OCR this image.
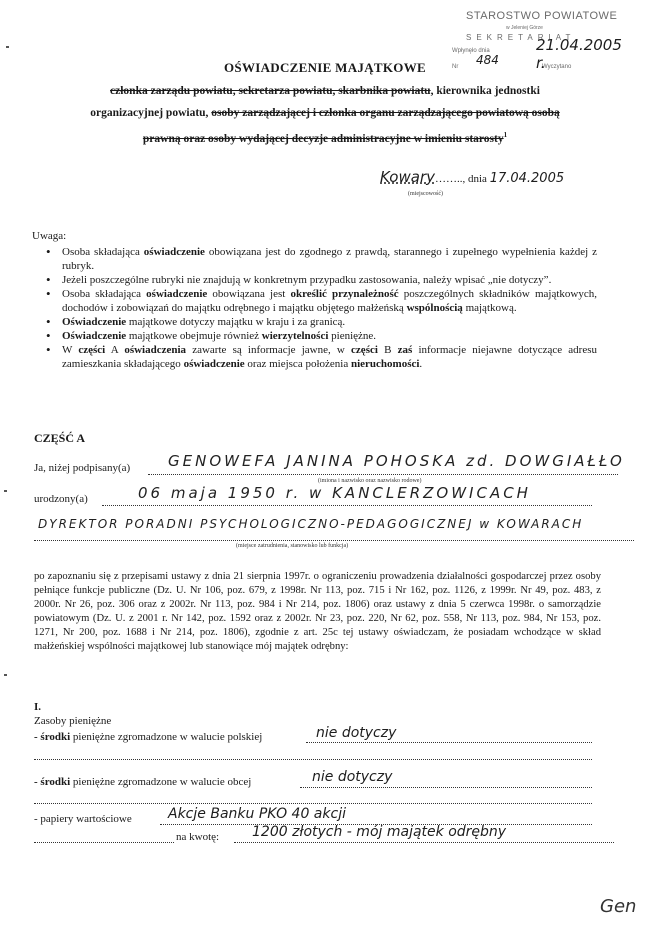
STAROSTWO POWIATOWE
w Jeleniej Górze
SEKRETARIAT
Wpłynęło dnia
Nr	Wyczytano
21.04.2005 r.
484
OŚWIADCZENIE MAJĄTKOWE
członka zarządu powiatu, sekretarza powiatu, skarbnika powiatu, kierownika jednostki
organizacyjnej powiatu, osoby zarządzającej i członka organu zarządzającego powiatową osobą
prawną oraz osoby wydającej decyzje administracyjne w imieniu starosty$^1$
Kowary…….., dnia 17.04.2005
(miejscowość)
Uwaga:
• Osoba składająca oświadczenie obowiązana jest do zgodnego z prawdą, starannego i zupełnego wypełnienia każdej z rubryk.
• Jeżeli poszczególne rubryki nie znajdują w konkretnym przypadku zastosowania, należy wpisać „nie dotyczy”.
• Osoba składająca oświadczenie obowiązana jest określić przynależność poszczególnych składników majątkowych, dochodów i zobowiązań do majątku odrębnego i majątku objętego małżeńską wspólnością majątkową.
• Oświadczenie majątkowe dotyczy majątku w kraju i za granicą.
• Oświadczenie majątkowe obejmuje również wierzytelności pieniężne.
• W części A oświadczenia zawarte są informacje jawne, w części B zaś informacje niejawne dotyczące adresu zamieszkania składającego oświadczenie oraz miejsca położenia nieruchomości.
CZĘŚĆ A
Ja, niżej podpisany(a)	GENOWEFA JANINA POHOSKA zd. DOWGIAŁŁO
(imiona i nazwisko oraz nazwisko rodowe)
urodzony(a)	06 maja 1950 r. w KANCLERZOWICACH
DYREKTOR PORADNI PSYCHOLOGICZNO-PEDAGOGICZNEJ w KOWARACH
(miejsce zatrudnienia, stanowisko lub funkcja)
po zapoznaniu się z przepisami ustawy z dnia 21 sierpnia 1997r. o ograniczeniu prowadzenia działalności gospodarczej przez osoby pełniące funkcje publiczne (Dz. U. Nr 106, poz. 679, z 1998r. Nr 113, poz. 715 i Nr 162, poz. 1126, z 1999r. Nr 49, poz. 483, z 2000r. Nr 26, poz. 306 oraz z 2002r. Nr 113, poz. 984 i Nr 214, poz. 1806) oraz ustawy z dnia 5 czerwca 1998r. o samorządzie powiatowym (Dz. U. z 2001 r. Nr 142, poz. 1592 oraz z 2002r. Nr 23, poz. 220, Nr 62, poz. 558, Nr 113, poz. 984, Nr 153, poz. 1271, Nr 200, poz. 1688 i Nr 214, poz. 1806), zgodnie z art. 25c tej ustawy oświadczam, że posiadam wchodzące w skład małżeńskiej wspólności majątkowej lub stanowiące mój majątek odrębny:
I.
Zasoby pieniężne
- środki pieniężne zgromadzone w walucie polskiej	nie dotyczy
- środki pieniężne zgromadzone w walucie obcej	nie dotyczy
- papiery wartościowe	Akcje Banku PKO 40 akcji
na kwotę: 1200 złotych - mój majątek odrębny
Gen
